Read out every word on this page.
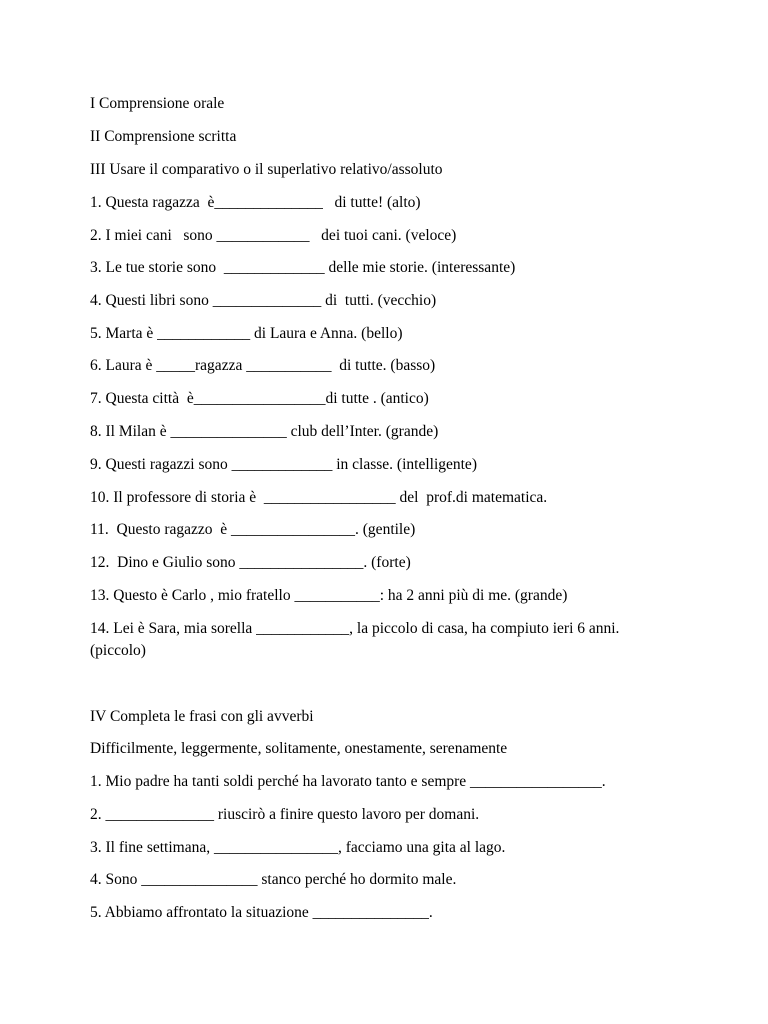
I Comprensione orale
II Comprensione scritta
III Usare il comparativo o il superlativo relativo/assoluto
1. Questa ragazza  è______________   di tutte! (alto)
2. I miei cani   sono ____________   dei tuoi cani. (veloce)
3. Le tue storie sono  _____________ delle mie storie. (interessante)
4. Questi libri sono ______________ di  tutti. (vecchio)
5. Marta è ____________ di Laura e Anna. (bello)
6. Laura è _____ragazza ___________  di tutte. (basso)
7. Questa città  è_________________di tutte . (antico)
8. Il Milan è _______________ club dell’Inter. (grande)
9. Questi ragazzi sono _____________ in classe. (intelligente)
10. Il professore di storia è  _________________ del  prof.di matematica.
11.  Questo ragazzo  è ________________. (gentile)
12.  Dino e Giulio sono ________________. (forte)
13. Questo è Carlo , mio fratello ___________: ha 2 anni più di me. (grande)
14. Lei è Sara, mia sorella ____________, la piccolo di casa, ha compiuto ieri 6 anni.(piccolo)
IV Completa le frasi con gli avverbi
Difficilmente, leggermente, solitamente, onestamente, serenamente
1. Mio padre ha tanti soldi perché ha lavorato tanto e sempre _________________.
2. ______________ riuscirò a finire questo lavoro per domani.
3. Il fine settimana, ________________, facciamo una gita al lago.
4. Sono _______________ stanco perché ho dormito male.
5. Abbiamo affrontato la situazione _______________.
